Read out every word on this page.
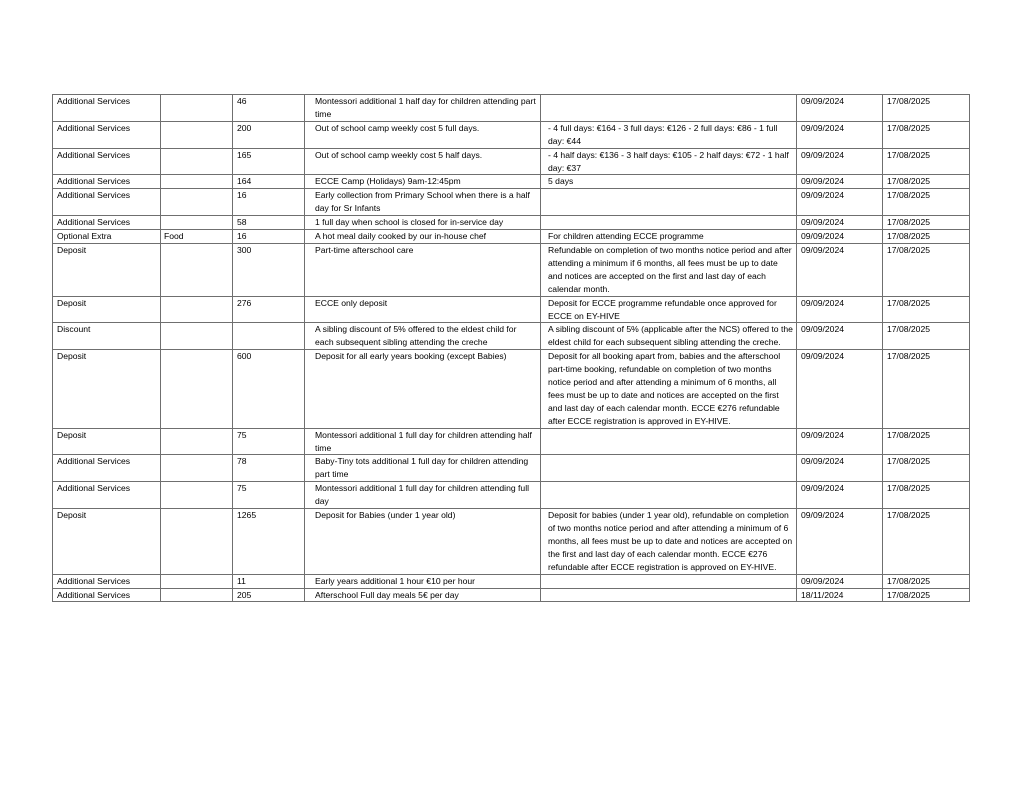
Additional Services		46	Montessori additional 1 half day for children attending part time		09/09/2024	17/08/2025
Additional Services		200	Out of school camp weekly cost 5 full days.	- 4 full days: €164 - 3 full days: €126 - 2 full days: €86 - 1 full day: €44	09/09/2024	17/08/2025
Additional Services		165	Out of school camp weekly cost 5 half days.	- 4 half days: €136 - 3 half days: €105 - 2 half days: €72 - 1 half day: €37	09/09/2024	17/08/2025
Additional Services		164	ECCE Camp (Holidays) 9am-12:45pm	5 days	09/09/2024	17/08/2025
Additional Services		16	Early collection from Primary School when there is a half day for Sr Infants		09/09/2024	17/08/2025
Additional Services		58	1 full day when school is closed for in-service day		09/09/2024	17/08/2025
Optional Extra	Food	16	A hot meal daily cooked by our in-house chef	For children attending ECCE programme	09/09/2024	17/08/2025
Deposit		300	Part-time afterschool care	Refundable on completion of two months notice period and after attending a minimum if 6 months, all fees must be up to date and notices are accepted on the first and last day of each calendar month.	09/09/2024	17/08/2025
Deposit		276	ECCE only deposit	Deposit for ECCE programme refundable once approved for ECCE on EY-HIVE	09/09/2024	17/08/2025
Discount			A sibling discount of 5% offered to the eldest child for each subsequent sibling attending the creche	A sibling discount of 5% (applicable after the NCS) offered to the eldest child for each subsequent sibling attending the creche.	09/09/2024	17/08/2025
Deposit		600	Deposit for all early years booking (except Babies)	Deposit for all booking apart from, babies and the afterschool part-time booking, refundable on completion of two months notice period and after attending a minimum of 6 months, all fees must be up to date and notices are accepted on the first and last day of each calendar month. ECCE €276 refundable after ECCE registration is approved in EY-HIVE.	09/09/2024	17/08/2025
Deposit		75	Montessori additional 1 full day for children attending half time		09/09/2024	17/08/2025
Additional Services		78	Baby-Tiny tots additional 1 full day for children attending part time		09/09/2024	17/08/2025
Additional Services		75	Montessori additional 1 full day for children attending full day		09/09/2024	17/08/2025
Deposit		1265	Deposit for Babies (under 1 year old)	Deposit for babies (under 1 year old), refundable on completion of two months notice period and after attending a minimum of 6 months, all fees must be up to date and notices are accepted on the first and last day of each calendar month. ECCE €276 refundable after ECCE registration is approved on EY-HIVE.	09/09/2024	17/08/2025
Additional Services		11	Early years additional 1 hour €10 per hour		09/09/2024	17/08/2025
Additional Services		205	Afterschool Full day meals 5€ per day		18/11/2024	17/08/2025
